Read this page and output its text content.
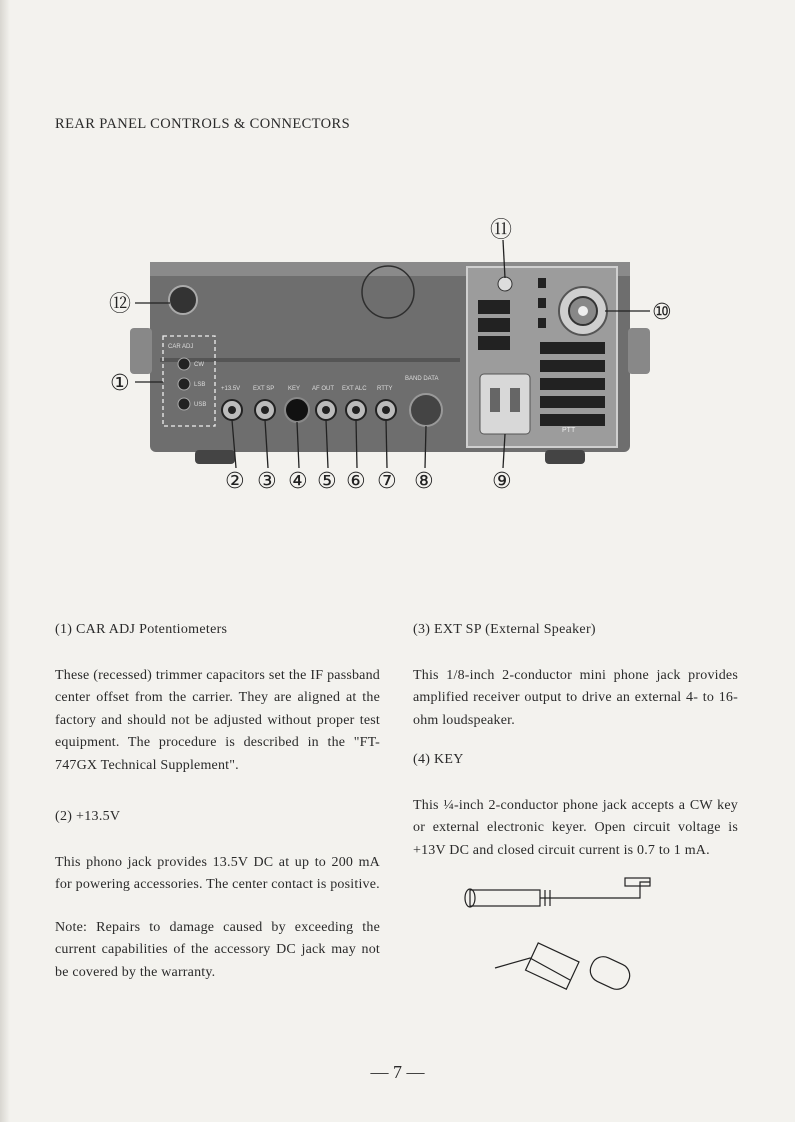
REAR PANEL CONTROLS & CONNECTORS
CAR ADJ
CW
LSB
USB
+13.5V EXT SP KEY AF OUT EXT ALC RTTY
BAND DATA
PTT
⑪
⑫	⑩
①
② ③ ④ ⑤ ⑥ ⑦ ⑧	⑨
(1) CAR ADJ Potentiometers

These (recessed) trimmer capacitors set the IF passband center offset from the carrier. They are aligned at the factory and should not be adjusted without proper test equipment. The procedure is described in the "FT-747GX Technical Supplement".

(2) +13.5V

This phono jack provides 13.5V DC at up to 200 mA for powering accessories. The center contact is positive.

Note: Repairs to damage caused by exceeding the current capabilities of the accessory DC jack may not be covered by the warranty.

(3) EXT SP (External Speaker)

This 1/8-inch 2-conductor mini phone jack provides amplified receiver output to drive an external 4- to 16-ohm loudspeaker.

(4) KEY

This ¼-inch 2-conductor phone jack accepts a CW key or external electronic keyer. Open circuit voltage is +13V DC and closed circuit current is 0.7 to 1 mA.

— 7 —
